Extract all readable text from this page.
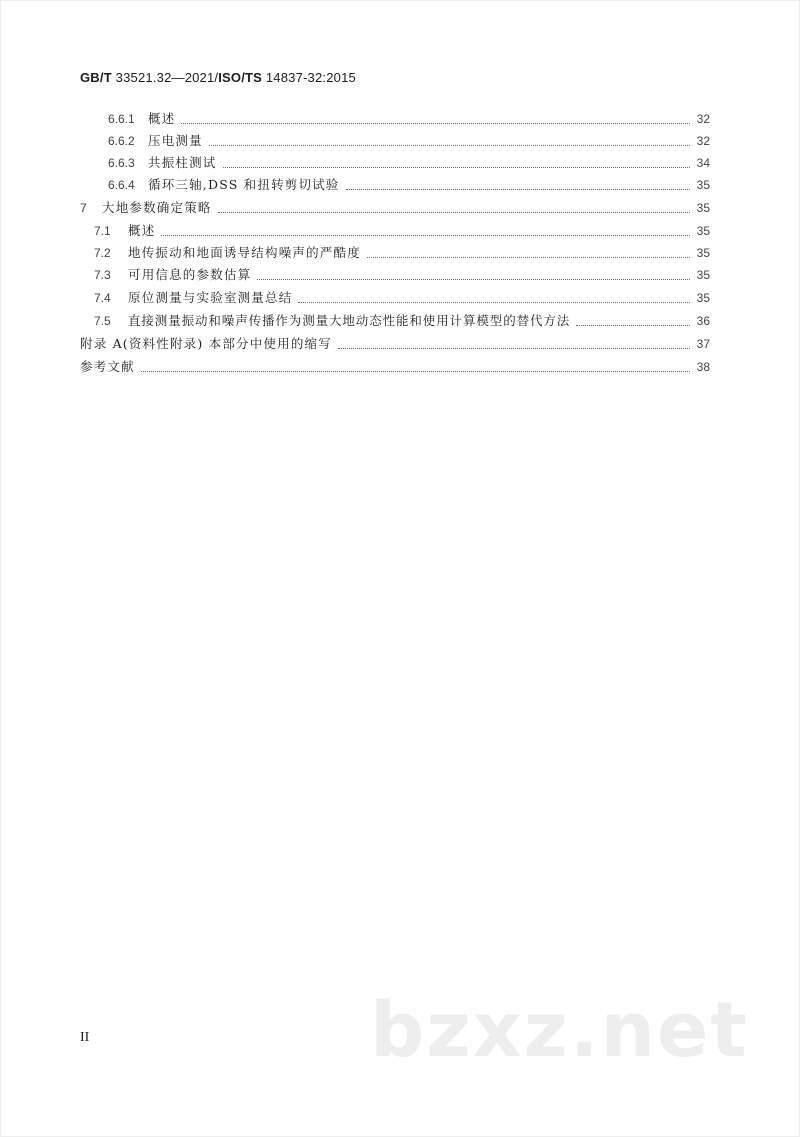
GB/T 33521.32—2021/ISO/TS 14837-32:2015
6.6.1	概述	32
6.6.2	压电测量	32
6.6.3	共振柱测试	34
6.6.4	循环三轴,DSS 和扭转剪切试验	35
7	大地参数确定策略	35
7.1	概述	35
7.2	地传振动和地面诱导结构噪声的严酷度	35
7.3	可用信息的参数估算	35
7.4	原位测量与实验室测量总结	35
7.5	直接测量振动和噪声传播作为测量大地动态性能和使用计算模型的替代方法	36
附录 A(资料性附录) 本部分中使用的缩写	37
参考文献	38
bzxz.net
II
